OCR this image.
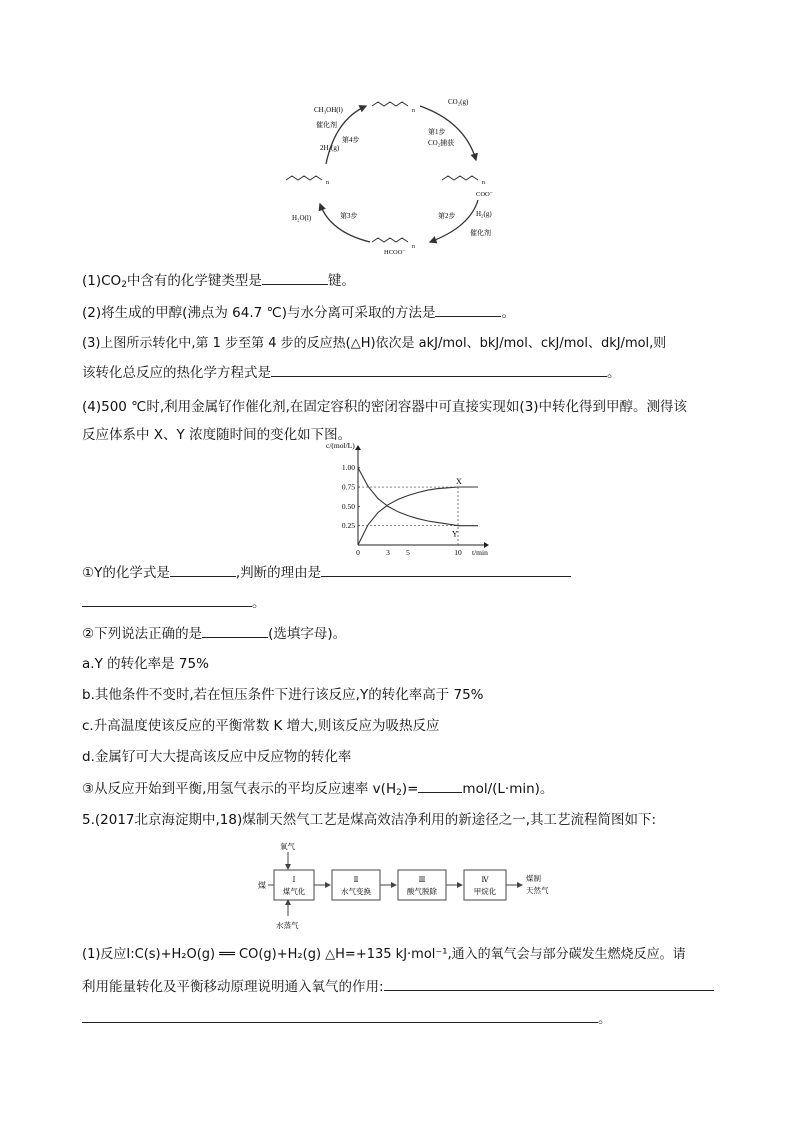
CH₃OH(l)
催化剂
2H₂(g)
第4步
CO₂(g)
第1步
CO₂捕获
第2步	H₂(g)
催化剂
第3步
H₂O(l)
COO⁻
HCOO⁻
n
n
n
n
$(1)CO_2$中含有的化学键类型是	键。
(2)将生成的甲醇(沸点为 64.7 ℃)与水分离可采取的方法是	。
(3)上图所示转化中,第 1 步至第 4 步的反应热(△H)依次是 akJ/mol、bkJ/mol、ckJ/mol、dkJ/mol,则
该转化总反应的热化学方程式是	。
(4)500 ℃时,利用金属钌作催化剂,在固定容积的密闭容器中可直接实现如(3)中转化得到甲醇。测得该
反应体系中 X、Y 浓度随时间的变化如下图。
c/(mol/L)
t/min
1.00
0.75
0.50
0.25
0	3 5	10
X
Y
①Y的化学式是	,判断的理由是
。
②下列说法正确的是	(选填字母)。
a.Y 的转化率是 75%
b.其他条件不变时,若在恒压条件下进行该反应,Y的转化率高于 75%
c.升高温度使该反应的平衡常数 K 增大,则该反应为吸热反应
d.金属钌可大大提高该反应中反应物的转化率
③从反应开始到平衡,用氢气表示的平均反应速率 $v(H_2)=$	mol/(L·min)。
5.(2017北京海淀期中,18)煤制天然气工艺是煤高效洁净利用的新途径之一,其工艺流程简图如下:
煤
氧气
水蒸气
Ⅰ
煤气化
Ⅱ
水气变换
Ⅲ
酸气脱除
Ⅳ
甲烷化
煤制
天然气
(1)反应Ⅰ:C(s)+H₂O(g) ══ CO(g)+H₂(g) △H=+135 kJ·mol⁻¹,通入的氧气会与部分碳发生燃烧反应。请
利用能量转化及平衡移动原理说明通入氧气的作用:
。
